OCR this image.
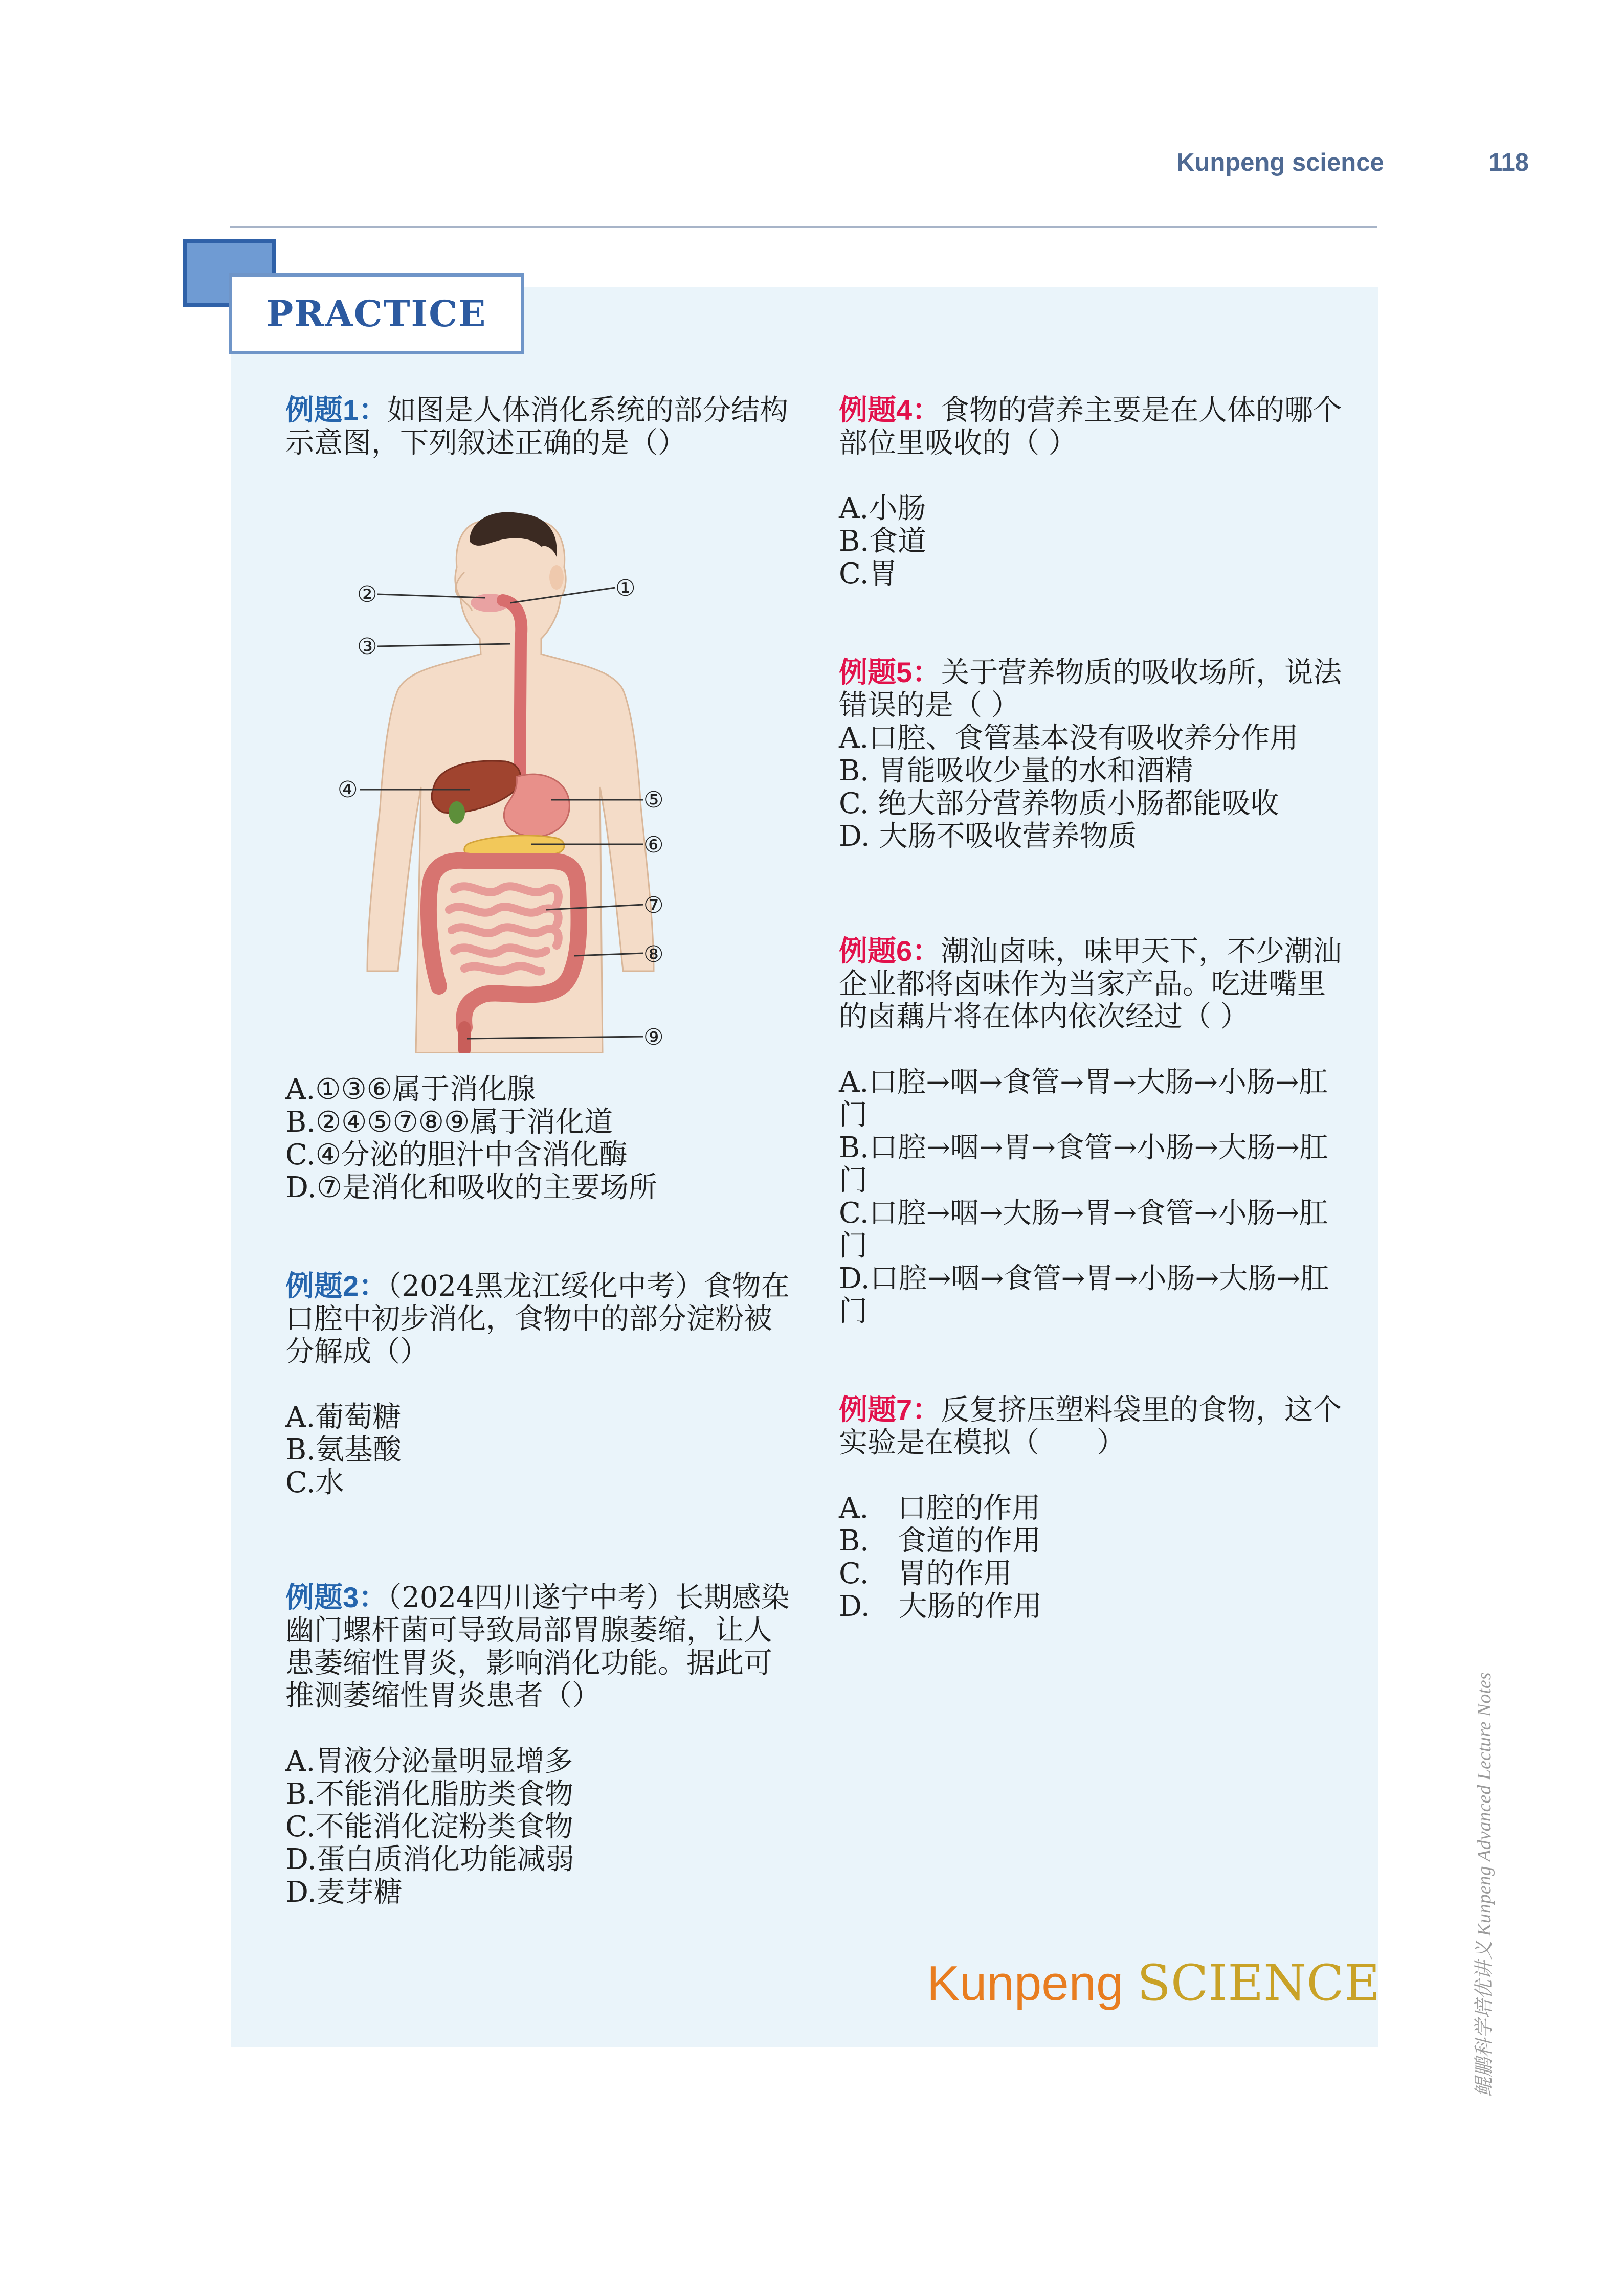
Kunpeng science	118
PRACTICE

例题1：如图是人体消化系统的部分结构示意图，下列叙述正确的是（）

①
②
③
④	⑤
⑥
⑦
⑧
⑨
A.①③⑥属于消化腺
B.②④⑤⑦⑧⑨属于消化道
C.④分泌的胆汁中含消化酶
D.⑦是消化和吸收的主要场所

例题2：（2024黑龙江绥化中考）食物在口腔中初步消化，食物中的部分淀粉被分解成（）

A.葡萄糖
B.氨基酸
C.水

例题3：（2024四川遂宁中考）长期感染幽门螺杆菌可导致局部胃腺萎缩，让人患萎缩性胃炎，影响消化功能。据此可推测萎缩性胃炎患者（）

A.胃液分泌量明显增多
B.不能消化脂肪类食物
C.不能消化淀粉类食物
D.蛋白质消化功能减弱
D.麦芽糖

例题4：食物的营养主要是在人体的哪个部位里吸收的（ ）

A.小肠
B.食道
C.胃

例题5：关于营养物质的吸收场所，说法错误的是（ ）

A.口腔、食管基本没有吸收养分作用
B. 胃能吸收少量的水和酒精
C. 绝大部分营养物质小肠都能吸收
D. 大肠不吸收营养物质

例题6：潮汕卤味，味甲天下，不少潮汕企业都将卤味作为当家产品。吃进嘴里的卤藕片将在体内依次经过（ ）

A.口腔→咽→食管→胃→大肠→小肠→肛门
B.口腔→咽→胃→食管→小肠→大肠→肛门
C.口腔→咽→大肠→胃→食管→小肠→肛门
D.口腔→咽→食管→胃→小肠→大肠→肛门

例题7：反复挤压塑料袋里的食物，这个实验是在模拟（　　）

A.　口腔的作用
B.　食道的作用
C.　胃的作用
D.　大肠的作用
Kunpeng SCIENCE	鲲鹏科学培优讲义 Kunpeng Advanced Lecture Notes
